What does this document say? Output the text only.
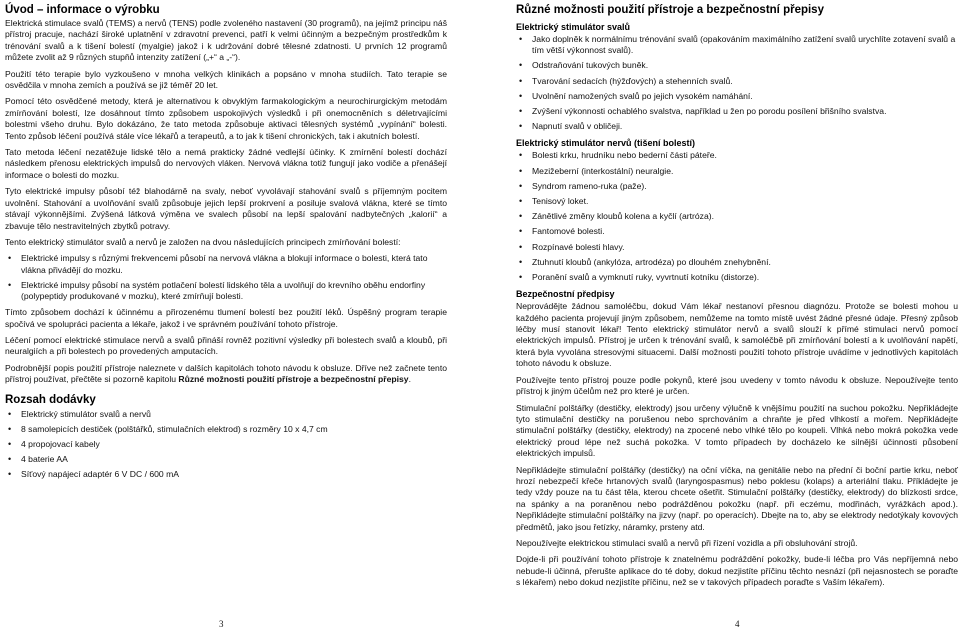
Úvod – informace o výrobku

Elektrická stimulace svalů (TEMS) a nervů (TENS) podle zvoleného nastavení (30 programů), na jejímž principu náš přístroj pracuje, nachází široké uplatnění v zdravotní prevenci, patří k velmi účinným a bezpečným prostředkům k trénování svalů a k tišení bolestí (myalgie) jakož i k udržování dobré tělesné zdatnosti. U prvních 12 programů můžete zvolit až 9 různých stupňů intenzity zatížení („+“ a „-“).

Použití této terapie bylo vyzkoušeno v mnoha velkých klinikách a popsáno v mnoha studiích. Tato terapie se osvědčila v mnoha zemích a používá se již téměř 20 let.

Pomocí této osvědčené metody, která je alternativou k obvyklým farmakologickým a neurochirurgickým metodám zmírňování bolestí, lze dosáhnout tímto způsobem uspokojivých výsledků i při onemocněních s déletrvajícími bolestmi všeho druhu. Bylo dokázáno, že tato metoda způsobuje aktivaci tělesných systémů „vypínání“ bolesti. Tento způsob léčení používá stále více lékařů a terapeutů, a to jak k tišení chronických, tak i akutních bolestí.

Tato metoda léčení nezatěžuje lidské tělo a nemá prakticky žádné vedlejší účinky. K zmírnění bolestí dochází následkem přenosu elektrických impulsů do nervových vláken. Nervová vlákna totiž fungují jako vodiče a přenášejí informace o bolesti do mozku.

Tyto elektrické impulsy působí též blahodárně na svaly, neboť vyvolávají stahování svalů s příjemným pocitem uvolnění. Stahování a uvolňování svalů způsobuje jejich lepší prokrvení a posiluje svalová vlákna, které se tímto stávají výkonnějšími. Zvýšená látková výměna ve svalech působí na lepší spalování nadbytečných „kalorií“ a zbavuje tělo nestravitelných zbytků potravy.

Tento elektrický stimulátor svalů a nervů je založen na dvou následujících principech zmírňování bolestí:

• Elektrické impulsy s různými frekvencemi působí na nervová vlákna a blokují informace o bolesti, která tato vlákna přivádějí do mozku.
• Elektrické impulsy působí na systém potlačení bolestí lidského těla a uvolňují do krevního oběhu endorfiny (polypeptidy produkované v mozku), které zmírňují bolesti.

Tímto způsobem dochází k účinnému a přirozenému tlumení bolestí bez použití léků. Úspěšný program terapie spočívá ve spolupráci pacienta a lékaře, jakož i ve správném používání tohoto přístroje.

Léčení pomocí elektrické stimulace nervů a svalů přináší rovněž pozitivní výsledky při bolestech svalů a kloubů, při neuralgiích a při bolestech po provedených amputacích.

Podrobnější popis použití přístroje naleznete v dalších kapitolách tohoto návodu k obsluze. Dříve než začnete tento přístroj používat, přečtěte si pozorně kapitolu Různé možnosti použití přístroje a bezpečnostní přepisy.

Rozsah dodávky
• Elektrický stimulátor svalů a nervů
• 8 samolepicích destiček (polštářků, stimulačních elektrod) s rozměry 10 x 4,7 cm
• 4 propojovací kabely
• 4 baterie AA
• Síťový napájecí adaptér 6 V DC / 600 mA
Různé možnosti použití přístroje a bezpečnostní přepisy
Elektrický stimulátor svalů
• Jako doplněk k normálnímu trénování svalů (opakováním maximálního zatížení svalů urychlíte zotavení svalů a tím větší výkonnost svalů).
• Odstraňování tukových buněk.
• Tvarování sedacích (hýžďových) a stehenních svalů.
• Uvolnění namožených svalů po jejich vysokém namáhání.
• Zvýšení výkonnosti ochablého svalstva, například u žen po porodu posílení břišního svalstva.
• Napnutí svalů v obličeji.
Elektrický stimulátor nervů (tišení bolestí)
• Bolesti krku, hrudníku nebo bederní části páteře.
• Mezižeberní (interkostální) neuralgie.
• Syndrom rameno-ruka (paže).
• Tenisový loket.
• Zánětlivé změny kloubů kolena a kyčlí (artróza).
• Fantomové bolesti.
• Rozpínavé bolesti hlavy.
• Ztuhnutí kloubů (ankylóza, artrodéza) po dlouhém znehybnění.
• Poranění svalů a vymknutí ruky, vyvrtnutí kotníku (distorze).
Bezpečnostní předpisy

Neprovádějte žádnou samoléčbu, dokud Vám lékař nestanoví přesnou diagnózu. Protože se bolesti mohou u každého pacienta projevují jiným způsobem, nemůžeme na tomto místě uvést žádné přesné údaje. Přesný způsob léčby musí stanovit lékař! Tento elektrický stimulátor nervů a svalů slouží k přímé stimulaci nervů pomocí elektrických impulsů. Přístroj je určen k trénování svalů, k samoléčbě při zmírňování bolestí a k uvolňování napětí, která byla vyvolána stresovými situacemi. Další možnosti použití tohoto přístroje uvádíme v jednotlivých kapitolách tohoto návodu k obsluze.

Používejte tento přístroj pouze podle pokynů, které jsou uvedeny v tomto návodu k obsluze. Nepoužívejte tento přístroj k jiným účelům než pro které je určen.

Stimulační polštářky (destičky, elektrody) jsou určeny výlučně k vnějšímu použití na suchou pokožku. Nepřikládejte tyto stimulační destičky na porušenou nebo sprchováním a chraňte je před vlhkostí a mořem. Nepřikládejte stimulační polštářky (destičky, elektrody) na zpocené nebo vlhké tělo po koupeli. Vlhká nebo mokrá pokožka vede elektrický proud lépe než suchá pokožka. V tomto případech by docházelo ke silnější účinnosti působení elektrických impulsů.

Nepřikládejte stimulační polštářky (destičky) na oční víčka, na genitálie nebo na přední či boční partie krku, neboť hrozí nebezpečí křeče hrtanových svalů (laryngospasmus) nebo poklesu (kolaps) a arteriální tlaku. Příkládejte je tedy vždy pouze na tu část těla, kterou chcete ošetřit. Stimulační polštářky (destičky, elektrody) do blízkosti srdce, na spánky a na poraněnou nebo podrážděnou pokožku (např. při eczému, modřinách, vyrážkách apod.). Nepřikládejte stimulační polštářky na jizvy (např. po operacích). Dbejte na to, aby se elektrody nedotýkaly kovových předmětů, jako jsou řetízky, náramky, prsteny atd.

Nepoužívejte elektrickou stimulaci svalů a nervů při řízení vozidla a při obsluhování strojů.

Dojde-li při používání tohoto přístroje k znatelnému podráždění pokožky, bude-li léčba pro Vás nepříjemná nebo nebude-li účinná, přerušte aplikace do té doby, dokud nezjistíte příčinu těchto nesnází (při nejasnostech se poraďte s lékařem) nebo dokud nezjistíte příčinu, než se v takových případech poraďte s Vaším lékařem).

3	4
